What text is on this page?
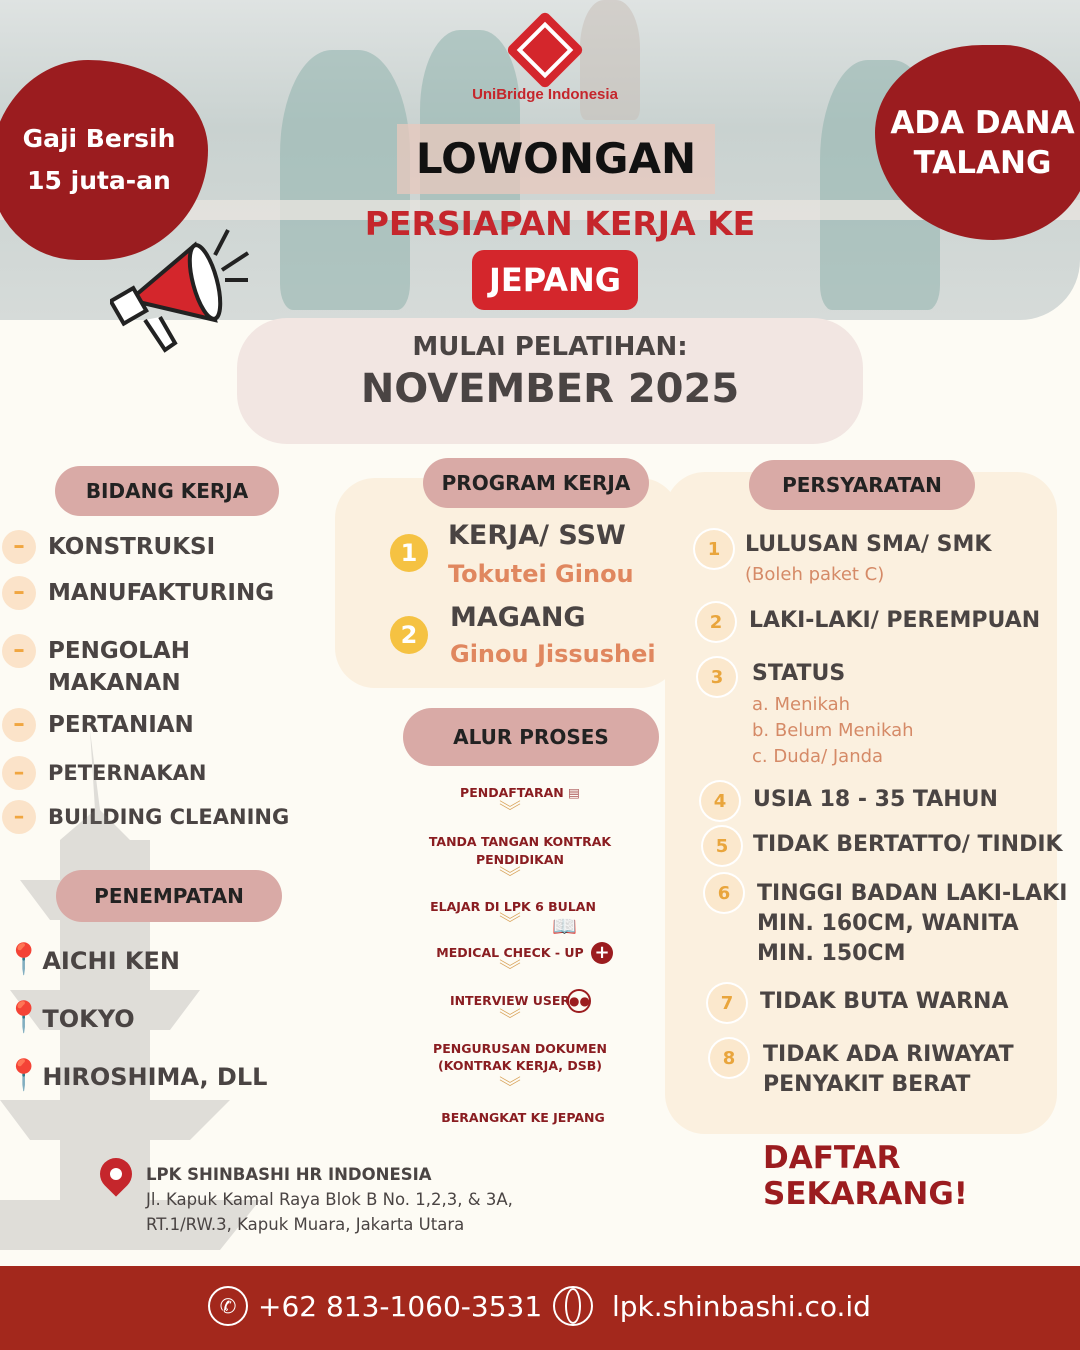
UniBridge Indonesia
Gaji Bersih
15 juta-an
ADA DANA
TALANG
LOWONGAN
PERSIAPAN KERJA KE
JEPANG
MULAI PELATIHAN:
NOVEMBER 2025
BIDANG KERJA
–	KONSTRUKSI
–	MANUFAKTURING
–	PENGOLAH
MAKANAN
–	PERTANIAN
–	PETERNAKAN
–	BUILDING CLEANING
PENEMPATAN
📍AICHI KEN
📍TOKYO
📍HIROSHIMA, DLL
PROGRAM KERJA
1
KERJA/ SSW
Tokutei Ginou
2
MAGANG
Ginou Jissushei
ALUR PROSES
PENDAFTARAN ▤
︾
TANDA TANGAN KONTRAK
PENDIDIKAN
︾
ELAJAR DI LPK 6 BULAN
︾	📖
MEDICAL CHECK - UP +
︾
INTERVIEW USER
●●
︾
PENGURUSAN DOKUMEN
(KONTRAK KERJA, DSB)
︾
BERANGKAT KE JEPANG
PERSYARATAN
1	LULUSAN SMA/ SMK
(Boleh paket C)
2	LAKI-LAKI/ PEREMPUAN
3	STATUS
a. Menikah
b. Belum Menikah
c. Duda/ Janda
4	USIA 18 - 35 TAHUN
5	TIDAK BERTATTO/ TINDIK
6	TINGGI BADAN LAKI-LAKI
MIN. 160CM, WANITA
MIN. 150CM
7	TIDAK BUTA WARNA
8	TIDAK ADA RIWAYAT
PENYAKIT BERAT
DAFTAR
SEKARANG!
LPK SHINBASHI HR INDONESIA
Jl. Kapuk Kamal Raya Blok B No. 1,2,3, & 3A,
RT.1/RW.3, Kapuk Muara, Jakarta Utara
✆ +62 813-1060-3531 lpk.shinbashi.co.id
